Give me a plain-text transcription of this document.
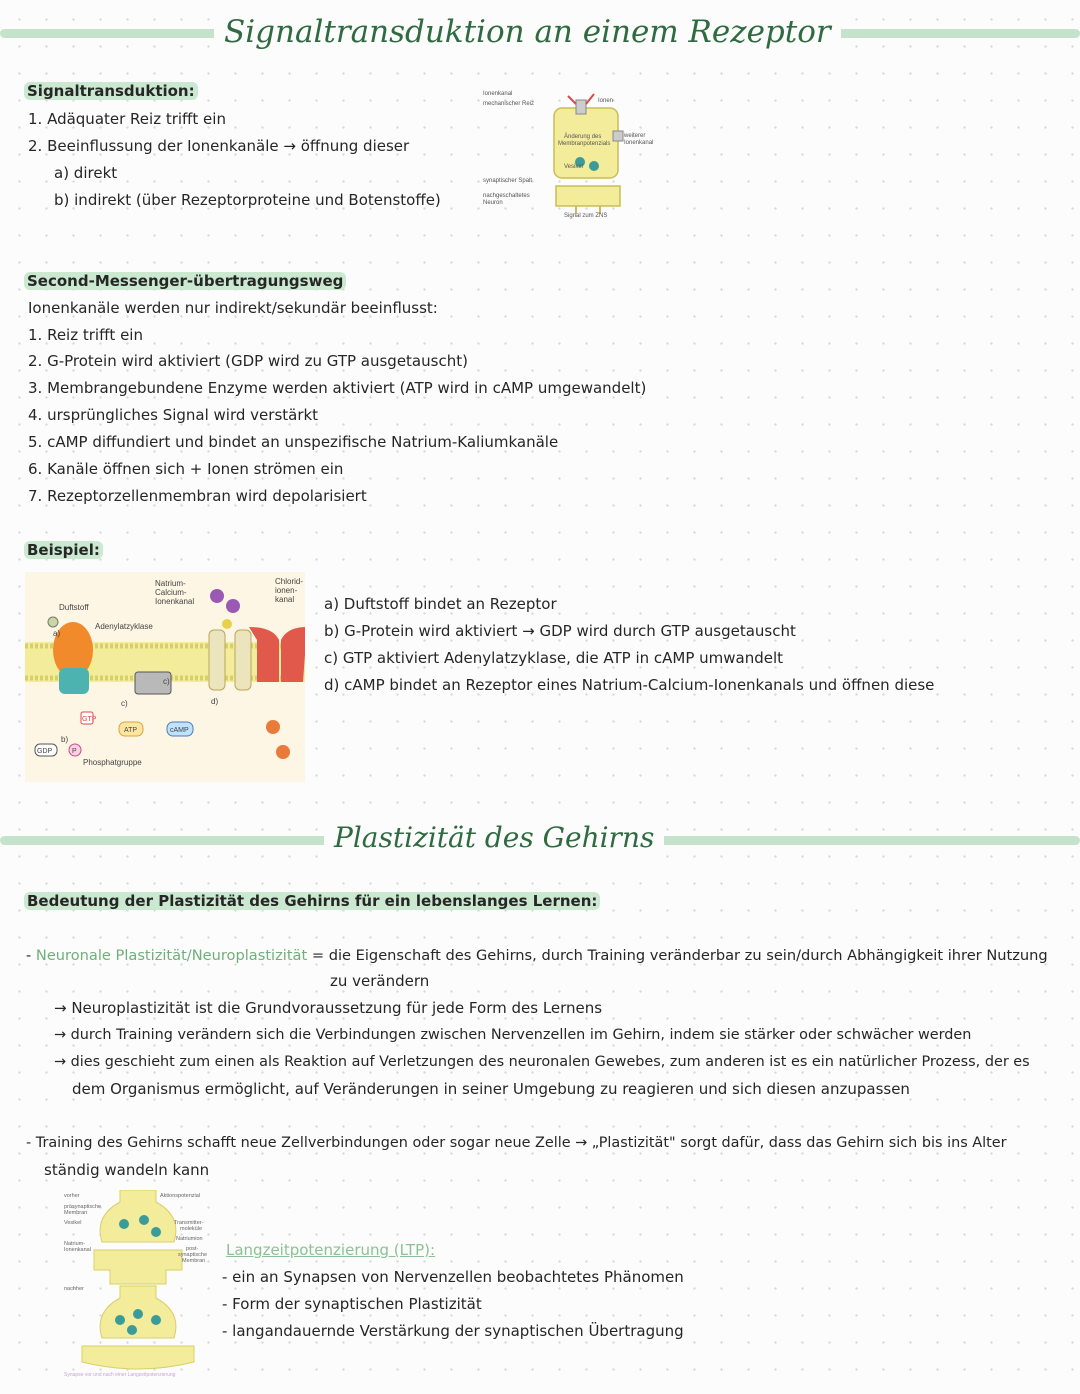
Signaltransduktion an einem Rezeptor
Signaltransduktion:
1. Adäquater Reiz trifft ein
2. Beeinflussung der Ionenkanäle → öffnung dieser
a) direkt
b) indirekt (über Rezeptorproteine und Botenstoffe)
Ionenkanal
mechanischer Reiz	Ionen
Änderung des
Membranpotenzials
weiterer
Ionenkanal
Vesikel
synaptischer Spalt
nachgeschaltetes
Neuron
Signal zum ZNS
Second-Messenger-übertragungsweg
Ionenkanäle werden nur indirekt/sekundär beeinflusst:
1. Reiz trifft ein
2. G-Protein wird aktiviert (GDP wird zu GTP ausgetauscht)
3. Membrangebundene Enzyme werden aktiviert (ATP wird in cAMP umgewandelt)
4. ursprüngliches Signal wird verstärkt
5. cAMP diffundiert und bindet an unspezifische Natrium-Kaliumkanäle
6. Kanäle öffnen sich + Ionen strömen ein
7. Rezeptorzellenmembran wird depolarisiert
Beispiel:
Natrium-
Calcium-
Ionenkanal
Chlorid-
ionen-
kanal
Duftstoff
Adenylatzyklase
GTP
ATP	cAMP
GDP	P
Phosphatgruppe
a)
b)
c)
c)
d)
a) Duftstoff bindet an Rezeptor
b) G-Protein wird aktiviert → GDP wird durch GTP ausgetauscht
c) GTP aktiviert Adenylatzyklase, die ATP in cAMP umwandelt
d) cAMP bindet an Rezeptor eines Natrium-Calcium-Ionenkanals und öffnen diese
Plastizität des Gehirns
Bedeutung der Plastizität des Gehirns für ein lebenslanges Lernen:
- Neuronale Plastizität/Neuroplastizität = die Eigenschaft des Gehirns, durch Training veränderbar zu sein/durch Abhängigkeit ihrer Nutzung
zu verändern
→ Neuroplastizität ist die Grundvoraussetzung für jede Form des Lernens
→ durch Training verändern sich die Verbindungen zwischen Nervenzellen im Gehirn, indem sie stärker oder schwächer werden
→ dies geschieht zum einen als Reaktion auf Verletzungen des neuronalen Gewebes, zum anderen ist es ein natürlicher Prozess, der es
dem Organismus ermöglicht, auf Veränderungen in seiner Umgebung zu reagieren und sich diesen anzupassen
- Training des Gehirns schafft neue Zellverbindungen oder sogar neue Zelle → „Plastizität" sorgt dafür, dass das Gehirn sich bis ins Alter
ständig wandeln kann
vorher	Aktionspotenzial
präsynaptische
Membran
Vesikel	Transmitter-
moleküle
Natriumion
Natrium-
Ionenkanal	post-
synaptische
Membran
nachher
Synapse vor und nach einer Langzeitpotenzierung
Langzeitpotenzierung (LTP):
- ein an Synapsen von Nervenzellen beobachtetes Phänomen
- Form der synaptischen Plastizität
- langandauernde Verstärkung der synaptischen Übertragung
